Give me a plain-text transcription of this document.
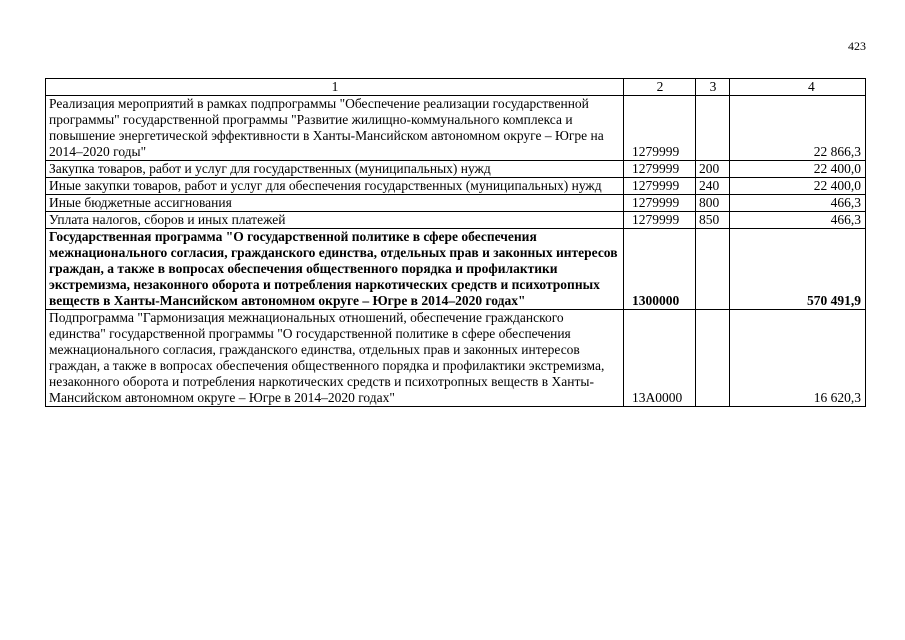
423
1	2	3	4
Реализация мероприятий в рамках подпрограммы "Обеспечение реализации государственной программы" государственной программы "Развитие жилищно-коммунального комплекса и повышение энергетической эффективности в Ханты-Мансийском автономном округе – Югре на 2014–2020 годы"	1279999		22 866,3
Закупка товаров, работ и услуг для государственных (муниципальных) нужд	1279999	200	22 400,0
Иные закупки товаров, работ и услуг для обеспечения государственных (муниципальных) нужд	1279999	240	22 400,0
Иные бюджетные ассигнования	1279999	800	466,3
Уплата налогов, сборов и иных платежей	1279999	850	466,3
Государственная программа "О государственной политике в сфере обеспечения межнационального согласия, гражданского единства, отдельных прав и законных интересов граждан, а также в вопросах обеспечения общественного порядка и профилактики экстремизма, незаконного оборота и потребления наркотических средств и психотропных веществ в Ханты-Мансийском автономном округе – Югре в 2014–2020 годах"	1300000		570 491,9
Подпрограмма "Гармонизация межнациональных отношений, обеспечение гражданского единства" государственной программы "О государственной политике в сфере обеспечения межнационального согласия, гражданского единства, отдельных прав и законных интересов граждан, а также в вопросах обеспечения общественного порядка и профилактики экстремизма, незаконного оборота и потребления наркотических средств и психотропных веществ в Ханты-Мансийском автономном округе – Югре в 2014–2020 годах"	13А0000		16 620,3
